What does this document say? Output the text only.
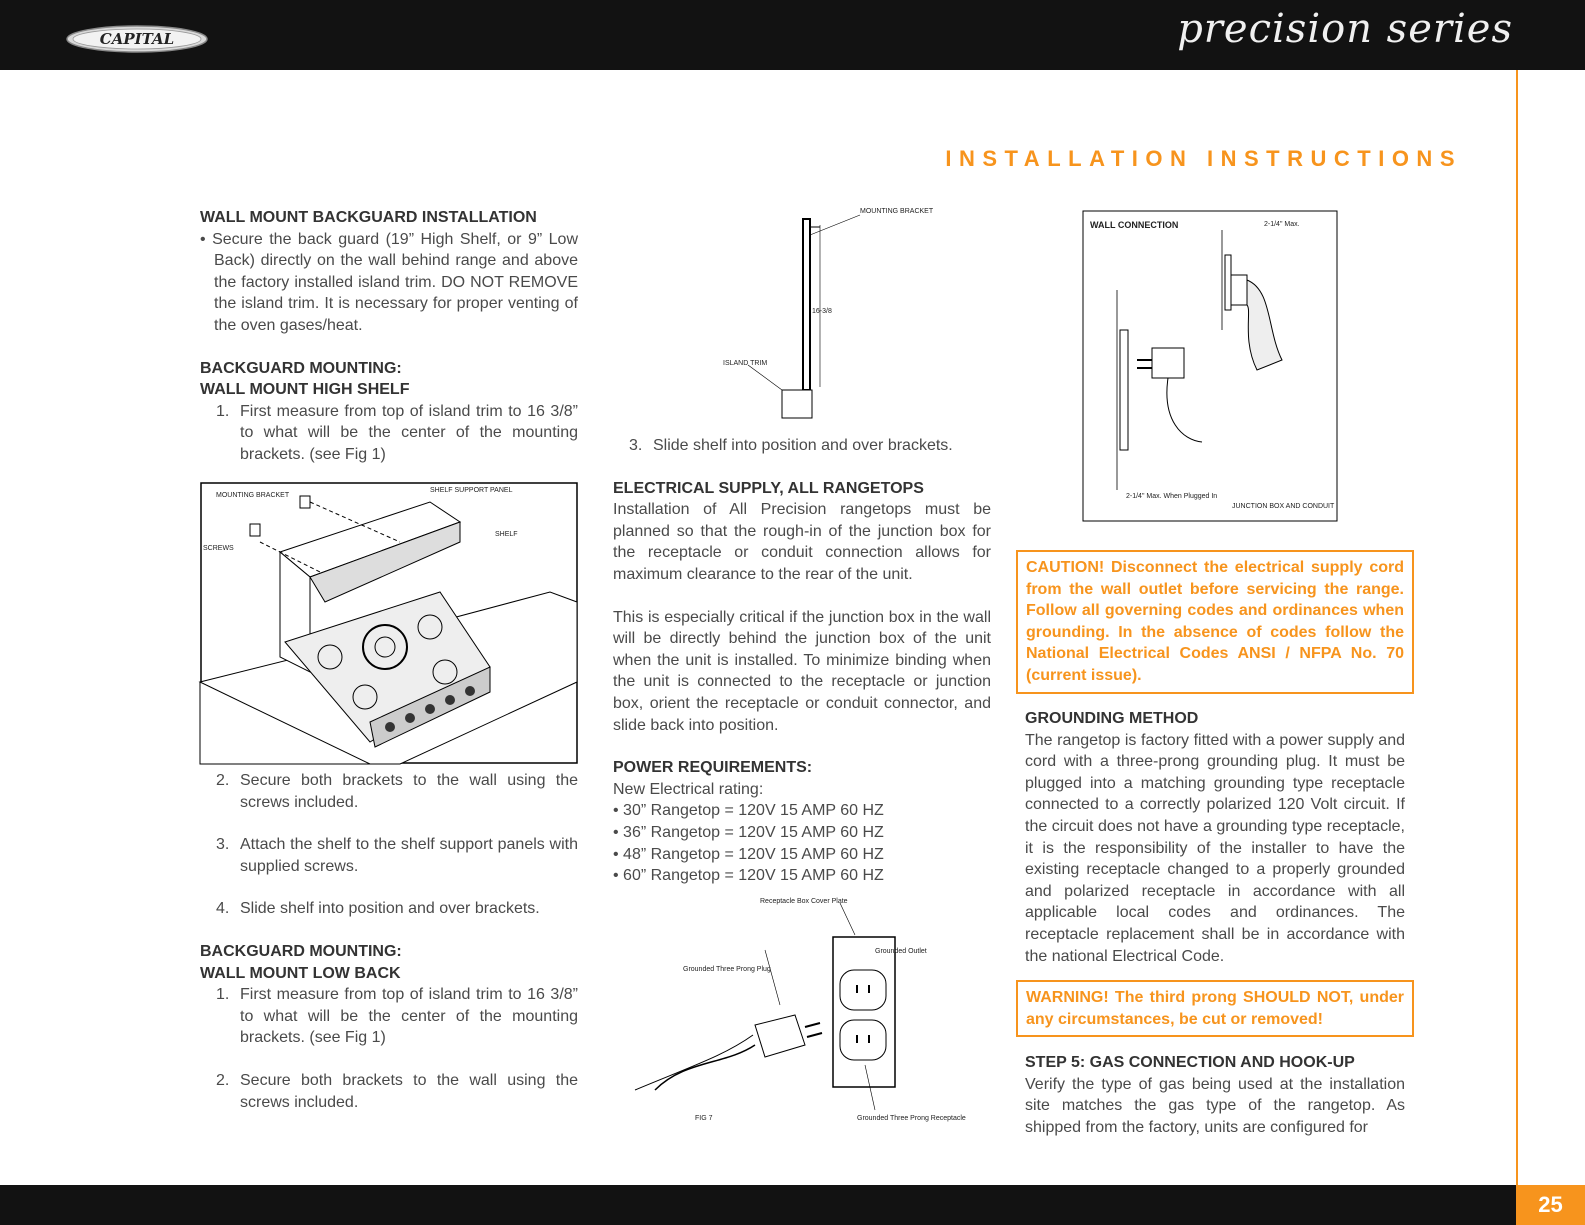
CAPITAL	precision series
INSTALLATION INSTRUCTIONS
WALL MOUNT BACKGUARD INSTALLATION
• Secure the back guard (19” High Shelf, or 9” Low Back) directly on the wall behind range and above the factory installed island trim. DO NOT REMOVE the island trim. It is necessary for proper venting of the oven gases/heat.
BACKGUARD MOUNTING:
WALL MOUNT HIGH SHELF
1. First measure from top of island trim to 16 3/8” to what will be the center of the mounting brackets. (see Fig 1)
MOUNTING BRACKET
SHELF SUPPORT PANEL
SHELF
SCREWS
2. Secure both brackets to the wall using the screws included.
3. Attach the shelf to the shelf support panels with supplied screws.
4. Slide shelf into position and over brackets.
BACKGUARD MOUNTING:
WALL MOUNT LOW BACK
1. First measure from top of island trim to 16 3/8” to what will be the center of the mounting brackets. (see Fig 1)
2. Secure both brackets to the wall using the screws included.
MOUNTING BRACKET
16-3/8
ISLAND TRIM
3. Slide shelf into position and over brackets.
ELECTRICAL SUPPLY, ALL RANGETOPS
Installation of All Precision rangetops must be planned so that the rough-in of the junction box for the receptacle or conduit connection allows for maximum clearance to the rear of the unit.
This is especially critical if the junction box in the wall will be directly behind the junction box of the unit when the unit is installed. To minimize binding when the unit is connected to the receptacle or junction box, orient the receptacle or conduit connector, and slide back into position.
POWER REQUIREMENTS:
New Electrical rating:
• 30” Rangetop = 120V 15 AMP 60 HZ
• 36” Rangetop = 120V 15 AMP 60 HZ
• 48” Rangetop = 120V 15 AMP 60 HZ
• 60” Rangetop = 120V 15 AMP 60 HZ
Receptacle Box Cover Plate
Grounded Outlet
Grounded Three Prong Plug
Grounded Three Prong Receptacle
FIG 7
WALL CONNECTION	2-1/4" Max.
2-1/4" Max. When Plugged In
JUNCTION BOX AND CONDUIT
CAUTION! Disconnect the electrical supply cord from the wall outlet before servicing the range. Follow all governing codes and ordinances when grounding. In the absence of codes follow the National Electrical Codes ANSI / NFPA No. 70 (current issue).
GROUNDING METHOD
The rangetop is factory fitted with a power supply and cord with a three-prong grounding plug. It must be plugged into a matching grounding type receptacle connected to a correctly polarized 120 Volt circuit. If the circuit does not have a grounding type receptacle, it is the responsibility of the installer to have the existing receptacle changed to a properly grounded and polarized receptacle in accordance with all applicable local codes and ordinances. The receptacle replacement shall be in accordance with the national Electrical Code.
WARNING! The third prong SHOULD NOT, under any circumstances, be cut or removed!
STEP 5: GAS CONNECTION AND HOOK-UP
Verify the type of gas being used at the installation site matches the gas type of the rangetop. As shipped from the factory, units are configured for
25
